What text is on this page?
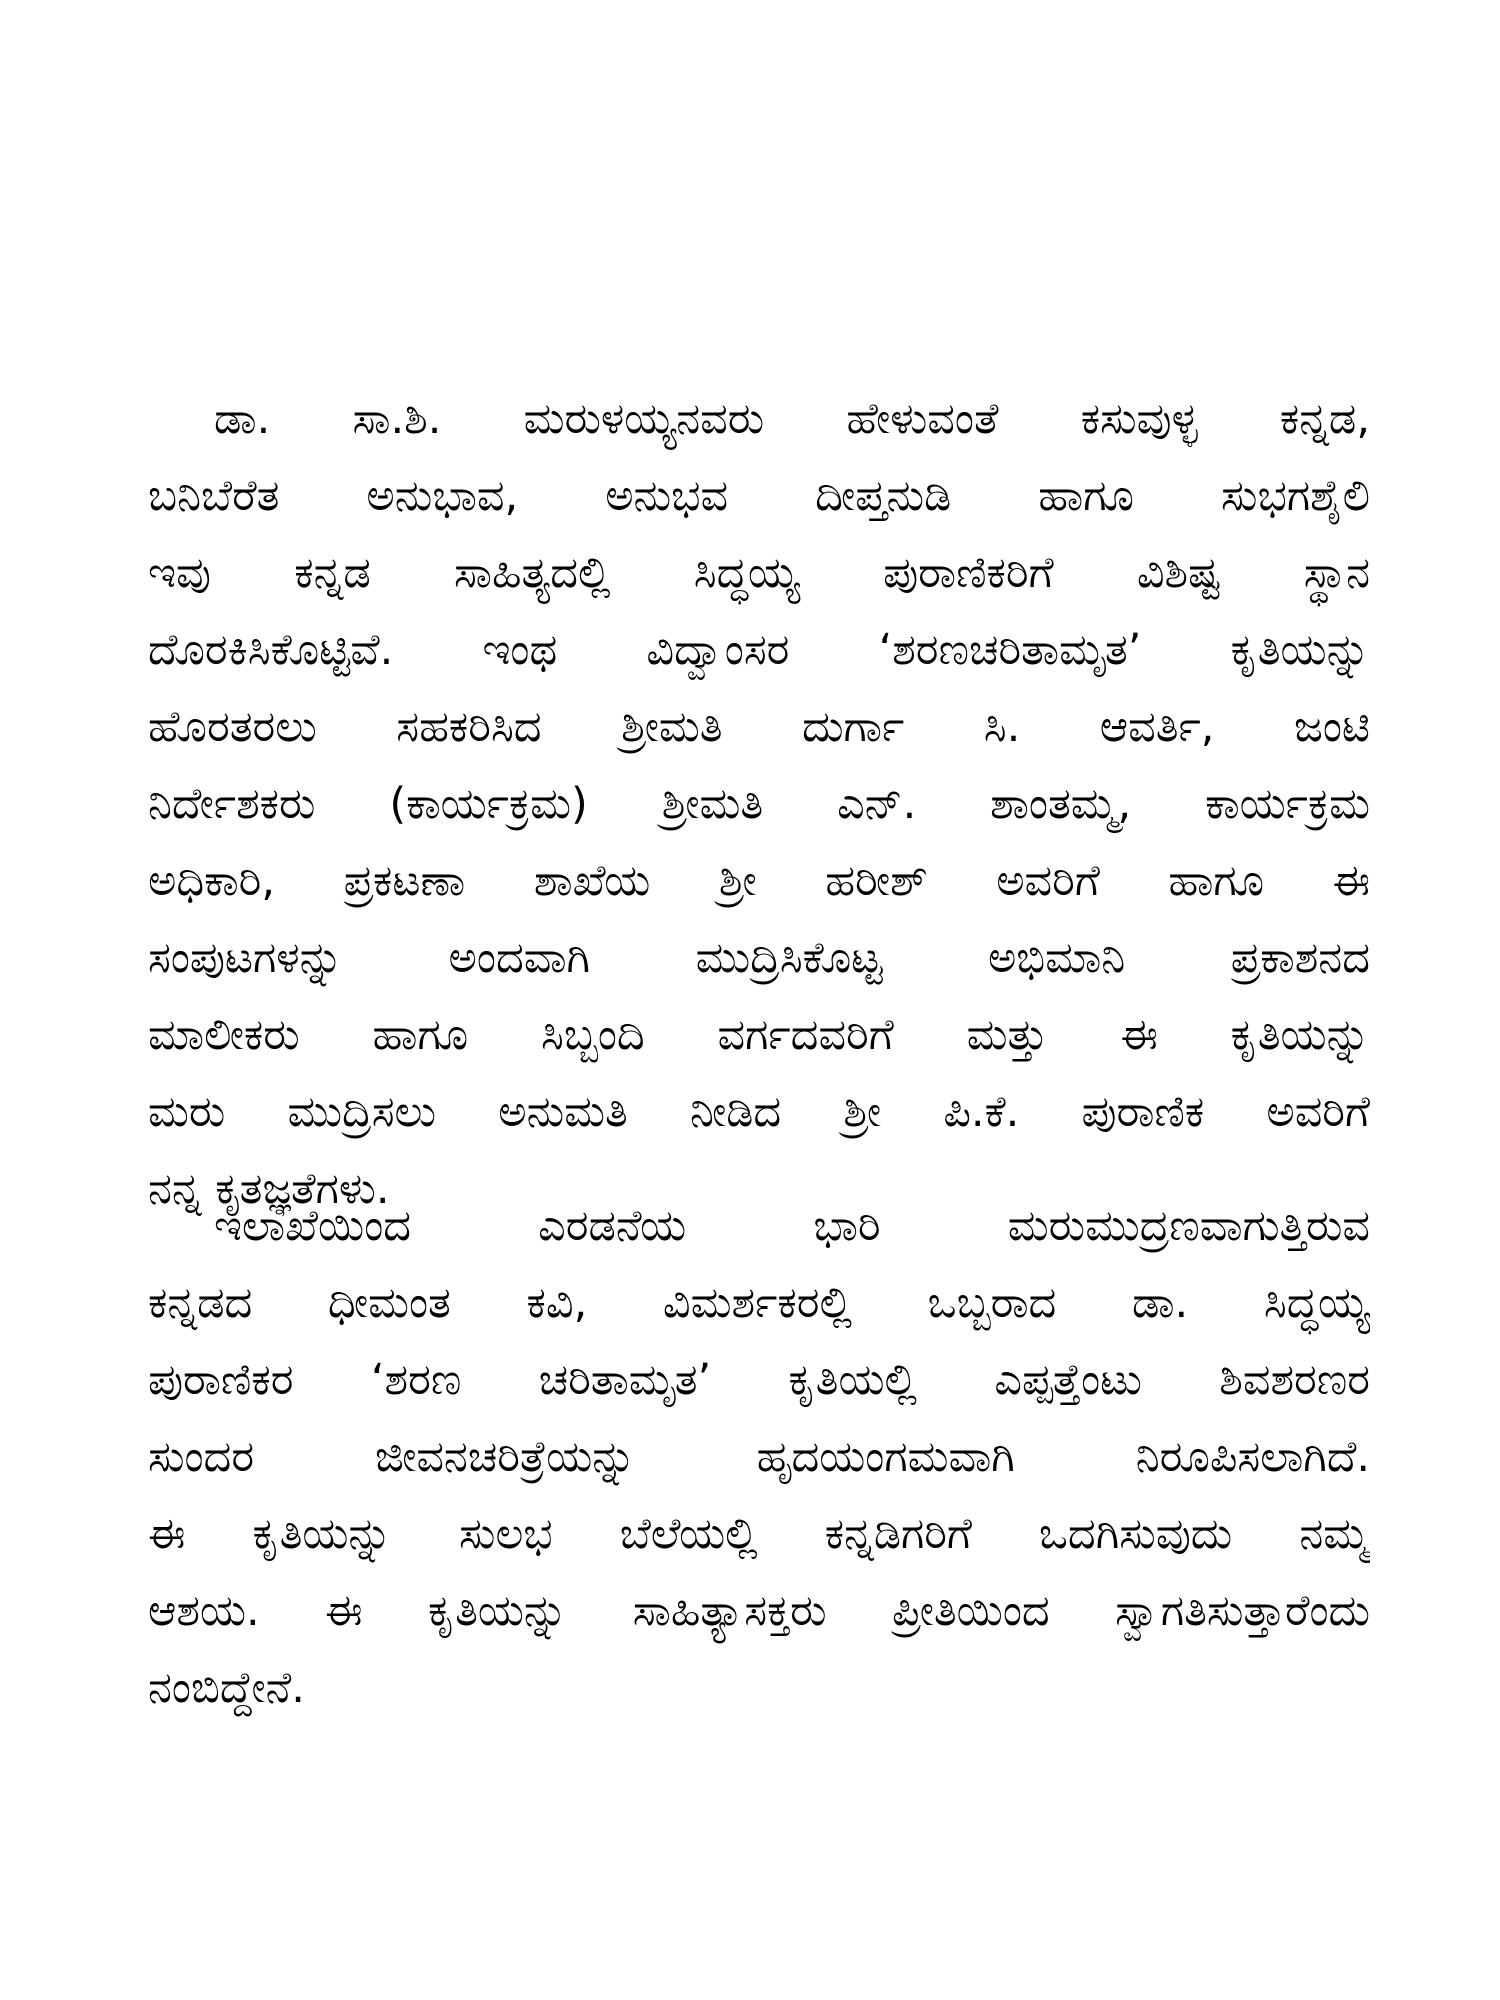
ಡಾ. ಸಾ.ಶಿ. ಮರುಳಯ್ಯನವರು ಹೇಳುವಂತೆ ಕಸುವುಳ್ಳ ಕನ್ನಡ,
ಬನಿಬೆರೆತ ಅನುಭಾವ, ಅನುಭವ ದೀಪ್ತನುಡಿ ಹಾಗೂ ಸುಭಗಶೈಲಿ
ಇವು ಕನ್ನಡ ಸಾಹಿತ್ಯದಲ್ಲಿ ಸಿದ್ಧಯ್ಯ ಪುರಾಣಿಕರಿಗೆ ವಿಶಿಷ್ಟ ಸ್ಥಾನ
ದೊರಕಿಸಿಕೊಟ್ಟಿವೆ. ಇಂಥ ವಿದ್ವಾಂಸರ ‘ಶರಣಚರಿತಾಮೃತ’ ಕೃತಿಯನ್ನು
ಹೊರತರಲು ಸಹಕರಿಸಿದ ಶ್ರೀಮತಿ ದುರ್ಗಾ ಸಿ. ಆವರ್ತಿ, ಜಂಟಿ
ನಿರ್ದೇಶಕರು (ಕಾರ್ಯಕ್ರಮ) ಶ್ರೀಮತಿ ಎನ್. ಶಾಂತಮ್ಮ, ಕಾರ್ಯಕ್ರಮ
ಅಧಿಕಾರಿ, ಪ್ರಕಟಣಾ ಶಾಖೆಯ ಶ್ರೀ ಹರೀಶ್ ಅವರಿಗೆ ಹಾಗೂ ಈ
ಸಂಪುಟಗಳನ್ನು ಅಂದವಾಗಿ ಮುದ್ರಿಸಿಕೊಟ್ಟ ಅಭಿಮಾನಿ ಪ್ರಕಾಶನದ
ಮಾಲೀಕರು ಹಾಗೂ ಸಿಬ್ಬಂದಿ ವರ್ಗದವರಿಗೆ ಮತ್ತು ಈ ಕೃತಿಯನ್ನು
ಮರು ಮುದ್ರಿಸಲು ಅನುಮತಿ ನೀಡಿದ ಶ್ರೀ ಪಿ.ಕೆ. ಪುರಾಣಿಕ ಅವರಿಗೆ
ನನ್ನ ಕೃತಜ್ಞತೆಗಳು.
ಇಲಾಖೆಯಿಂದ ಎರಡನೆಯ ಭಾರಿ ಮರುಮುದ್ರಣವಾಗುತ್ತಿರುವ
ಕನ್ನಡದ ಧೀಮಂತ ಕವಿ, ವಿಮರ್ಶಕರಲ್ಲಿ ಒಬ್ಬರಾದ ಡಾ. ಸಿದ್ಧಯ್ಯ
ಪುರಾಣಿಕರ ‘ಶರಣ ಚರಿತಾಮೃತ’ ಕೃತಿಯಲ್ಲಿ ಎಪ್ಪತ್ತೆಂಟು ಶಿವಶರಣರ
ಸುಂದರ ಜೀವನಚರಿತ್ರೆಯನ್ನು ಹೃದಯಂಗಮವಾಗಿ ನಿರೂಪಿಸಲಾಗಿದೆ.
ಈ ಕೃತಿಯನ್ನು ಸುಲಭ ಬೆಲೆಯಲ್ಲಿ ಕನ್ನಡಿಗರಿಗೆ ಒದಗಿಸುವುದು ನಮ್ಮ
ಆಶಯ. ಈ ಕೃತಿಯನ್ನು ಸಾಹಿತ್ಯಾಸಕ್ತರು ಪ್ರೀತಿಯಿಂದ ಸ್ವಾಗತಿಸುತ್ತಾರೆಂದು
ನಂಬಿದ್ದೇನೆ.
